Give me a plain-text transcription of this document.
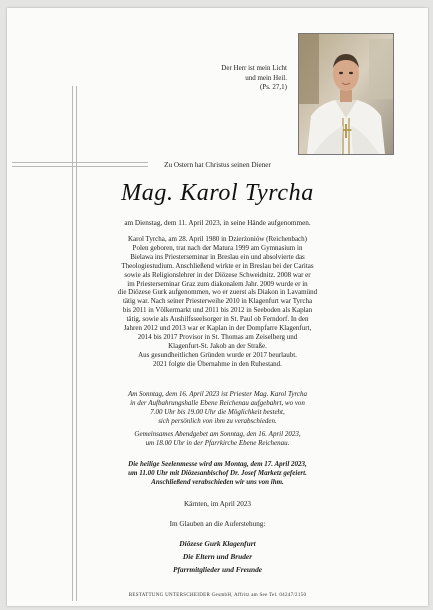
Der Herr ist mein Licht
und mein Heil.
(Ps. 27,1)
Zu Ostern hat Christus seinen Diener
Mag. Karol Tyrcha
am Dienstag, dem 11. April 2023, in seine Hände aufgenommen.
Karol Tyrcha, am 28. April 1980 in Dzierżoniów (Reichenbach)
Polen geboren, trat nach der Matura 1999 am Gymnasium in
Bielawa ins Priesterseminar in Breslau ein und absolvierte das
Theologiestudium. Anschließend wirkte er in Breslau bei der Caritas
sowie als Religionslehrer in der Diözese Schweidnitz. 2008 war er
im Priesterseminar Graz zum diakonalem Jahr. 2009 wurde er in
die Diözese Gurk aufgenommen, wo er zuerst als Diakon in Lavamünd
tätig war. Nach seiner Priesterweihe 2010 in Klagenfurt war Tyrcha
bis 2011 in Völkermarkt und 2011 bis 2012 in Seeboden als Kaplan
tätig, sowie als Aushilfsseelsorger in St. Paul ob Ferndorf. In den
Jahren 2012 und 2013 war er Kaplan in der Dompfarre Klagenfurt,
2014 bis 2017 Provisor in St. Thomas am Zeiselberg und
Klagenfurt-St. Jakob an der Straße.
Aus gesundheitlichen Gründen wurde er 2017 beurlaubt.
2021 folgte die Übernahme in den Ruhestand.
Am Sonntag, dem 16. April 2023 ist Priester Mag. Karol Tyrcha
in der Aufbahrungshalle Ebene Reichenau aufgebahrt, wo von
7.00 Uhr bis 19.00 Uhr die Möglichkeit besteht,
sich persönlich von ihm zu verabschieden.
Gemeinsames Abendgebet am Sonntag, den 16. April 2023,
um 18.00 Uhr in der Pfarrkirche Ebene Reichenau.
Die heilige Seelenmesse wird am Montag, dem 17. April 2023,
um 11.00 Uhr mit Diözesanbischof Dr. Josef Marketz gefeiert.
Anschließend verabschieden wir uns von ihm.
Kärnten, im April 2023
Im Glauben an die Auferstehung:
Diözese Gurk Klagenfurt
Die Eltern und Bruder
Pfarrmitglieder und Freunde
BESTATTUNG UNTERSCHEIDER GesmbH, Affritz am See Tel. 04247/2150
